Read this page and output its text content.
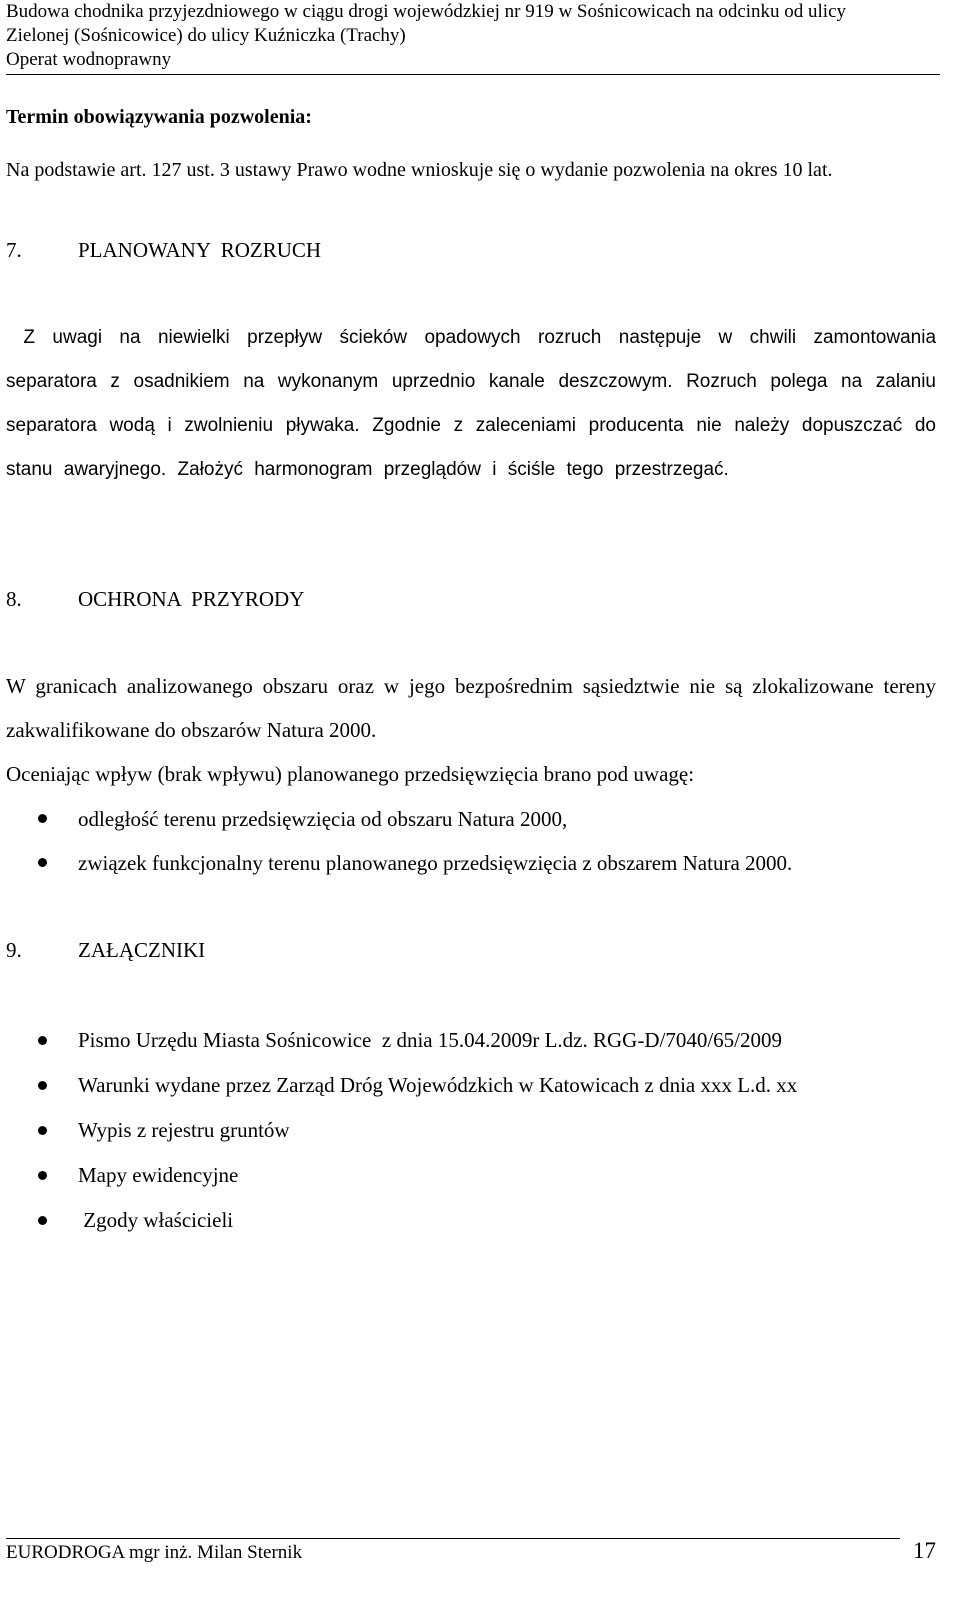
Budowa chodnika przyjezdniowego w ciągu drogi wojewódzkiej nr 919 w Sośnicowicach na odcinku od ulicy
Zielonej (Sośnicowice) do ulicy Kuźniczka (Trachy)
Operat wodnoprawny
Termin obowiązywania pozwolenia:
Na podstawie art. 127 ust. 3 ustawy Prawo wodne wnioskuje się o wydanie pozwolenia na okres 10 lat.
7.	PLANOWANY  ROZRUCH
Z uwagi na niewielki przepływ ścieków opadowych rozruch następuje w chwili zamontowania separatora z osadnikiem na wykonanym uprzednio kanale deszczowym. Rozruch polega na zalaniu separatora wodą i zwolnieniu pływaka. Zgodnie z zaleceniami producenta nie należy dopuszczać do stanu awaryjnego. Założyć harmonogram przeglądów i ściśle tego przestrzegać.
8.	OCHRONA  PRZYRODY
W granicach analizowanego obszaru oraz w jego bezpośrednim sąsiedztwie nie są zlokalizowane tereny zakwalifikowane do obszarów Natura 2000.
Oceniając wpływ (brak wpływu) planowanego przedsięwzięcia brano pod uwagę:
odległość terenu przedsięwzięcia od obszaru Natura 2000,
związek funkcjonalny terenu planowanego przedsięwzięcia z obszarem Natura 2000.
9.	ZAŁĄCZNIKI
Pismo Urzędu Miasta Sośnicowice  z dnia 15.04.2009r L.dz. RGG-D/7040/65/2009
Warunki wydane przez Zarząd Dróg Wojewódzkich w Katowicach z dnia xxx L.d. xx
Wypis z rejestru gruntów
Mapy ewidencyjne
Zgody właścicieli
EURODROGA mgr inż. Milan Sternik	17
